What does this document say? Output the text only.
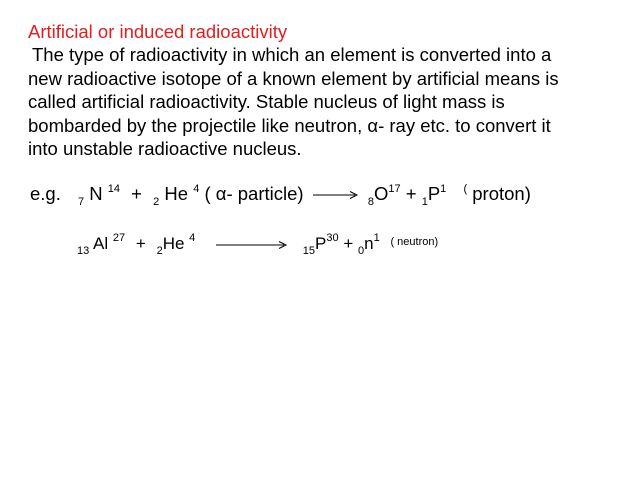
Artificial or induced radioactivity
The type of radioactivity in which an element is converted into a
new radioactive isotope of a known element by artificial means is
called artificial radioactivity. Stable nucleus of light mass is
bombarded by the projectile like neutron, α- ray etc. to convert it
into unstable radioactive nucleus.
e.g. $_7$ N $^{14}$ + $_2$ He $^4$ ( α- particle) → $_8O^{17} + _1P^1$ ( proton)
$_{13}$ Al $^{27}$ + $_2$He $^4$  $_{15}P^{30} + _0n^1$ $^{( neutron)}$
